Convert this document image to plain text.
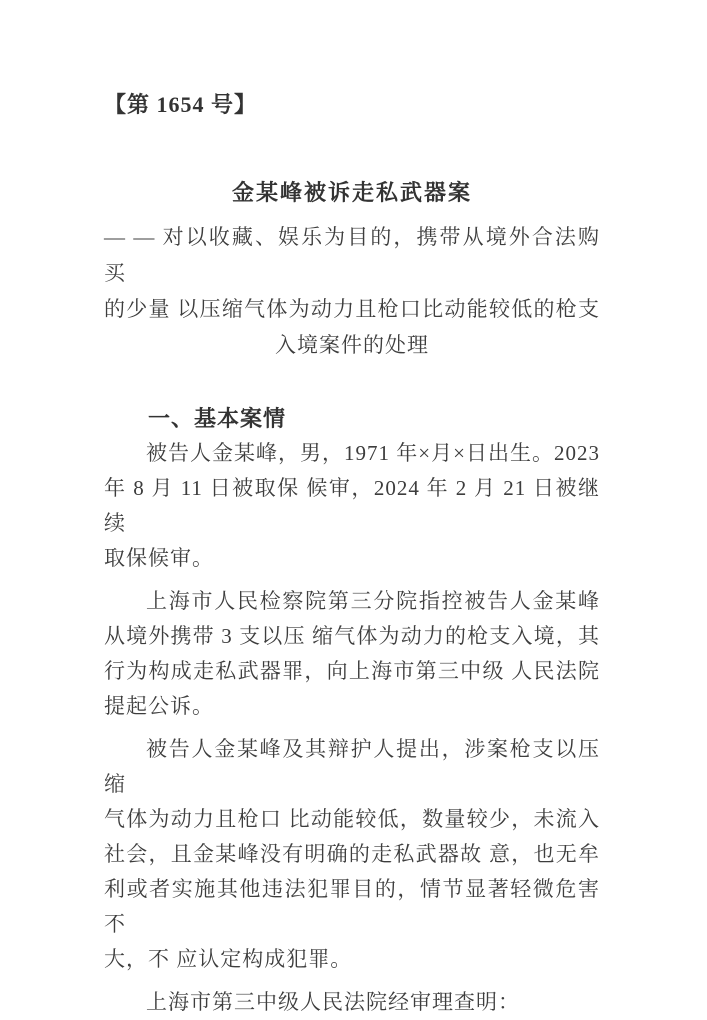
【第 1654 号】
金某峰被诉走私武器案
— — 对以收藏、娱乐为目的，携带从境外合法购买
的少量 以压缩气体为动力且枪口比动能较低的枪支
入境案件的处理
一、基本案情
被告人金某峰，男，1971 年×月×日出生。2023
年 8 月 11 日被取保 候审，2024 年 2 月 21 日被继续
取保候审。
上海市人民检察院第三分院指控被告人金某峰
从境外携带 3 支以压 缩气体为动力的枪支入境，其
行为构成走私武器罪，向上海市第三中级 人民法院
提起公诉。
被告人金某峰及其辩护人提出，涉案枪支以压缩
气体为动力且枪口 比动能较低，数量较少，未流入
社会，且金某峰没有明确的走私武器故 意，也无牟
利或者实施其他违法犯罪目的，情节显著轻微危害不
大，不 应认定构成犯罪。
上海市第三中级人民法院经审理查明：
